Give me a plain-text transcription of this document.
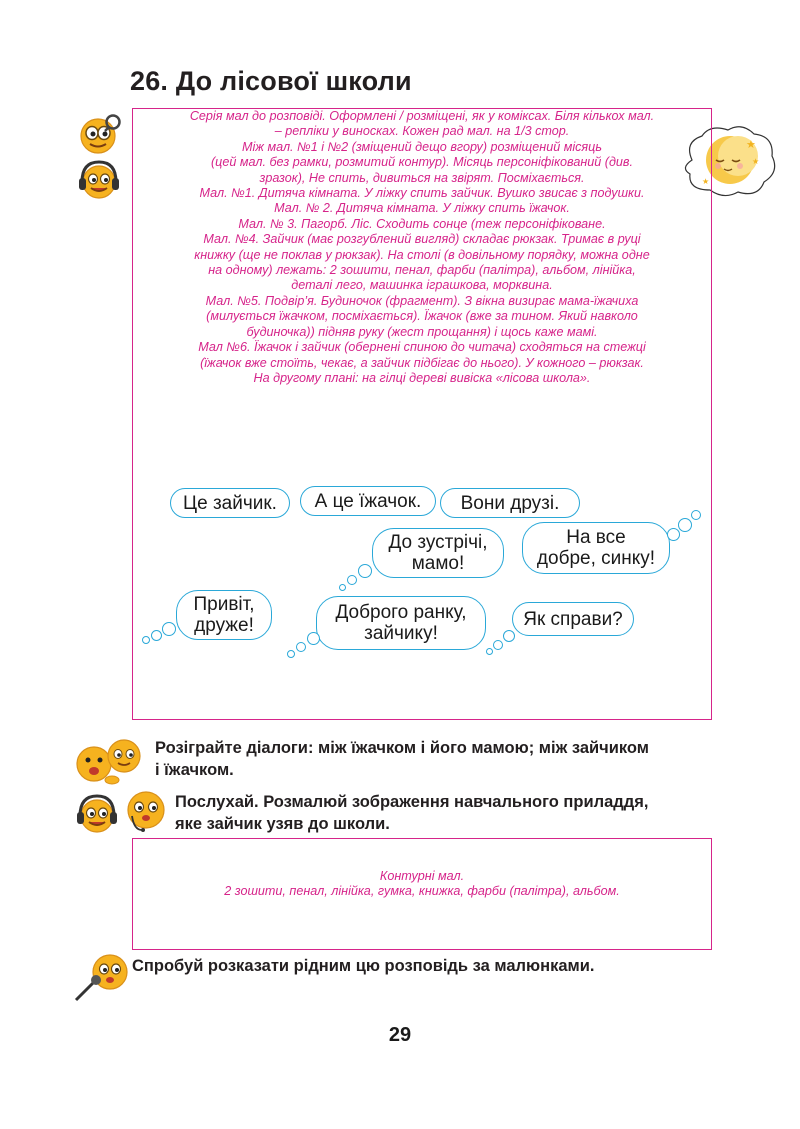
26. До лісової школи
★
★
★
Серія мал до розповіді. Оформлені / розміщені, як у коміксах. Біля кількох мал.
– репліки у виносках. Кожен рад мал. на 1/3 стор.
Між мал. №1 і №2 (зміщений дещо вгору) розміщений місяць
(цей мал. без рамки, розмитий контур). Місяць персоніфікований (див.
зразок), Не спить, дивиться на звірят. Посміхається.
Мал. №1. Дитяча кімната. У ліжку спить зайчик. Вушко звисає з подушки.
Мал. № 2. Дитяча кімната. У ліжку спить їжачок.
Мал. № 3. Пагорб. Ліс. Сходить сонце (теж персоніфіковане.
Мал. №4. Зайчик (має розгублений вигляд) складає рюкзак. Тримає в руці
книжку (ще не поклав у рюкзак). На столі (в довільному порядку, можна одне
на одному) лежать: 2 зошити, пенал, фарби (палітра), альбом, лінійка,
деталі лего, машинка іграшкова, морквина.
Мал. №5. Подвір’я. Будиночок (фрагмент). З вікна визирає мама-їжачиха
(милується їжачком, посміхається). Їжачок (вже за тином. Який навколо
будиночка)) підняв руку (жест прощання) і щось каже мамі.
Мал №6. Їжачок і зайчик (обернені спиною до читача) сходяться на стежці
(їжачок вже стоїть, чекає, а зайчик підбігає до нього). У кожного – рюкзак.
На другому плані: на гілці дереві вивіска «лісова школа».
Це зайчик. А це їжачок. Вони друзі.
До зустрічі,
мамо!
На все
добре, синку!
Привіт,
друже!
Доброго ранку,
зайчику!
Як справи?
Розіграйте діалоги: між їжачком і його мамою; між зайчиком
і їжачком.
Послухай. Розмалюй зображення навчального приладдя,
яке зайчик узяв до школи.
Контурні мал.
2 зошити, пенал, лінійка, гумка, книжка, фарби (палітра), альбом.
Спробуй розказати рідним цю розповідь за малюнками.
29
